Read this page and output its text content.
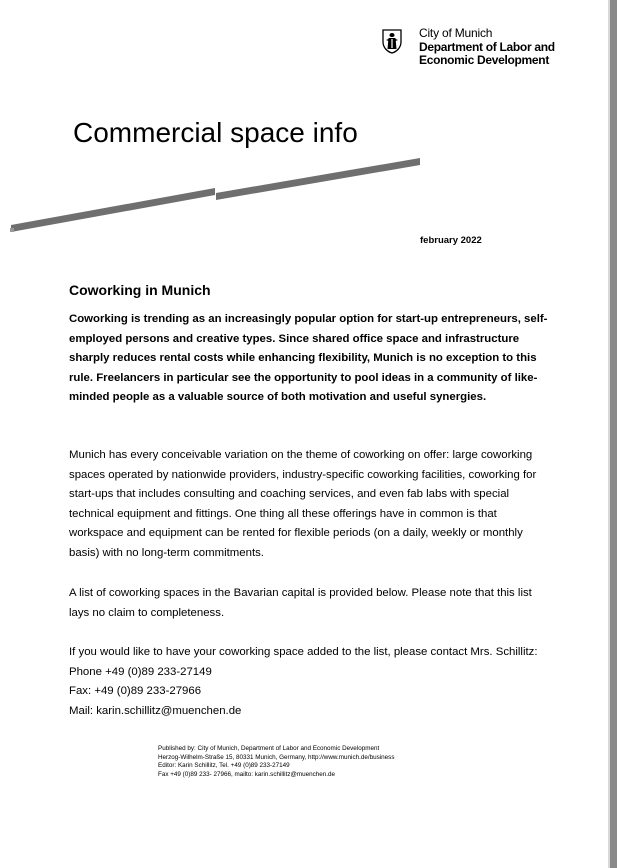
City of Munich
Department of Labor and
Economic Development
Commercial space info
february 2022
Coworking in Munich
Coworking is trending as an increasingly popular option for start-up entrepreneurs, self-employed persons and creative types. Since shared office space and infrastructure sharply reduces rental costs while enhancing flexibility, Munich is no exception to this rule. Freelancers in particular see the opportunity to pool ideas in a community of like-minded people as a valuable source of both motivation and useful synergies.
Munich has every conceivable variation on the theme of coworking on offer: large coworking spaces operated by nationwide providers, industry-specific coworking facilities, coworking for start-ups that includes consulting and coaching services, and even fab labs with special technical equipment and fittings. One thing all these offerings have in common is that workspace and equipment can be rented for flexible periods (on a daily, weekly or monthly basis) with no long-term commitments.
A list of coworking spaces in the Bavarian capital is provided below. Please note that this list lays no claim to completeness.
If you would like to have your coworking space added to the list, please contact Mrs. Schillitz:
Phone +49 (0)89 233-27149
Fax: +49 (0)89 233-27966
Mail: karin.schillitz@muenchen.de
Published by: City of Munich, Department of Labor and Economic Development
Herzog-Wilhelm-Straße 15, 80331 Munich, Germany, http://www.munich.de/business
Editor: Karin Schillitz, Tel. +49 (0)89 233-27149
Fax +49 (0)89 233- 27966, mailto: karin.schillitz@muenchen.de
